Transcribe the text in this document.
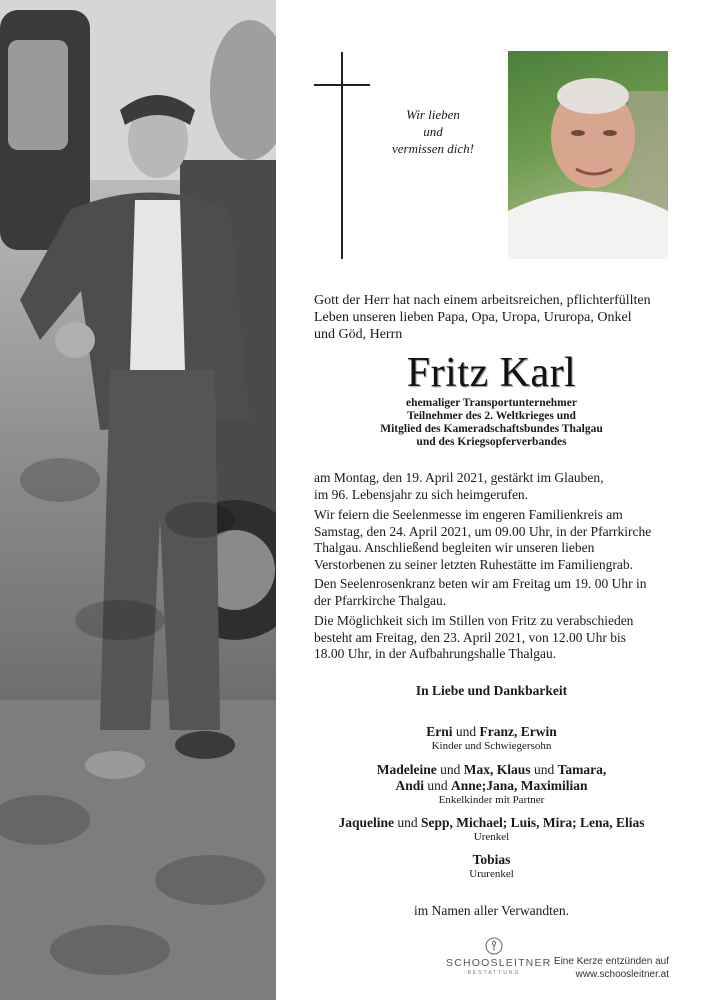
Wir lieben
und
vermissen dich!
Gott der Herr hat nach einem arbeitsreichen, pflichterfüllten
Leben unseren lieben Papa, Opa, Uropa, Ururopa, Onkel
und Göd, Herrn
Fritz Karl
ehemaliger Transportunternehmer
Teilnehmer des 2. Weltkrieges und
Mitglied des Kameradschaftsbundes Thalgau
und des Kriegsopferverbandes
am Montag, den 19. April 2021, gestärkt im Glauben,
im 96. Lebensjahr zu sich heimgerufen.
Wir feiern die Seelenmesse im engeren Familienkreis am
Samstag, den 24. April 2021, um 09.00 Uhr, in der Pfarrkirche
Thalgau. Anschließend begleiten wir unseren lieben
Verstorbenen zu seiner letzten Ruhestätte im Familiengrab.
Den Seelenrosenkranz beten wir am Freitag um 19. 00 Uhr in
der Pfarrkirche Thalgau.
Die Möglichkeit sich im Stillen von Fritz zu verabschieden
besteht am Freitag, den 23. April 2021, von 12.00 Uhr bis
18.00 Uhr, in der Aufbahrungshalle Thalgau.
In Liebe und Dankbarkeit
Erni und Franz, Erwin
Kinder und Schwiegersohn
Madeleine und Max, Klaus und Tamara,
Andi und Anne;Jana, Maximilian
Enkelkinder mit Partner
Jaqueline und Sepp, Michael; Luis, Mira; Lena, Elias
Urenkel
Tobias
Ururenkel
im Namen aller Verwandten.
SCHOOSLEITNER
BESTATTUNG
Eine Kerze entzünden auf
www.schoosleitner.at
